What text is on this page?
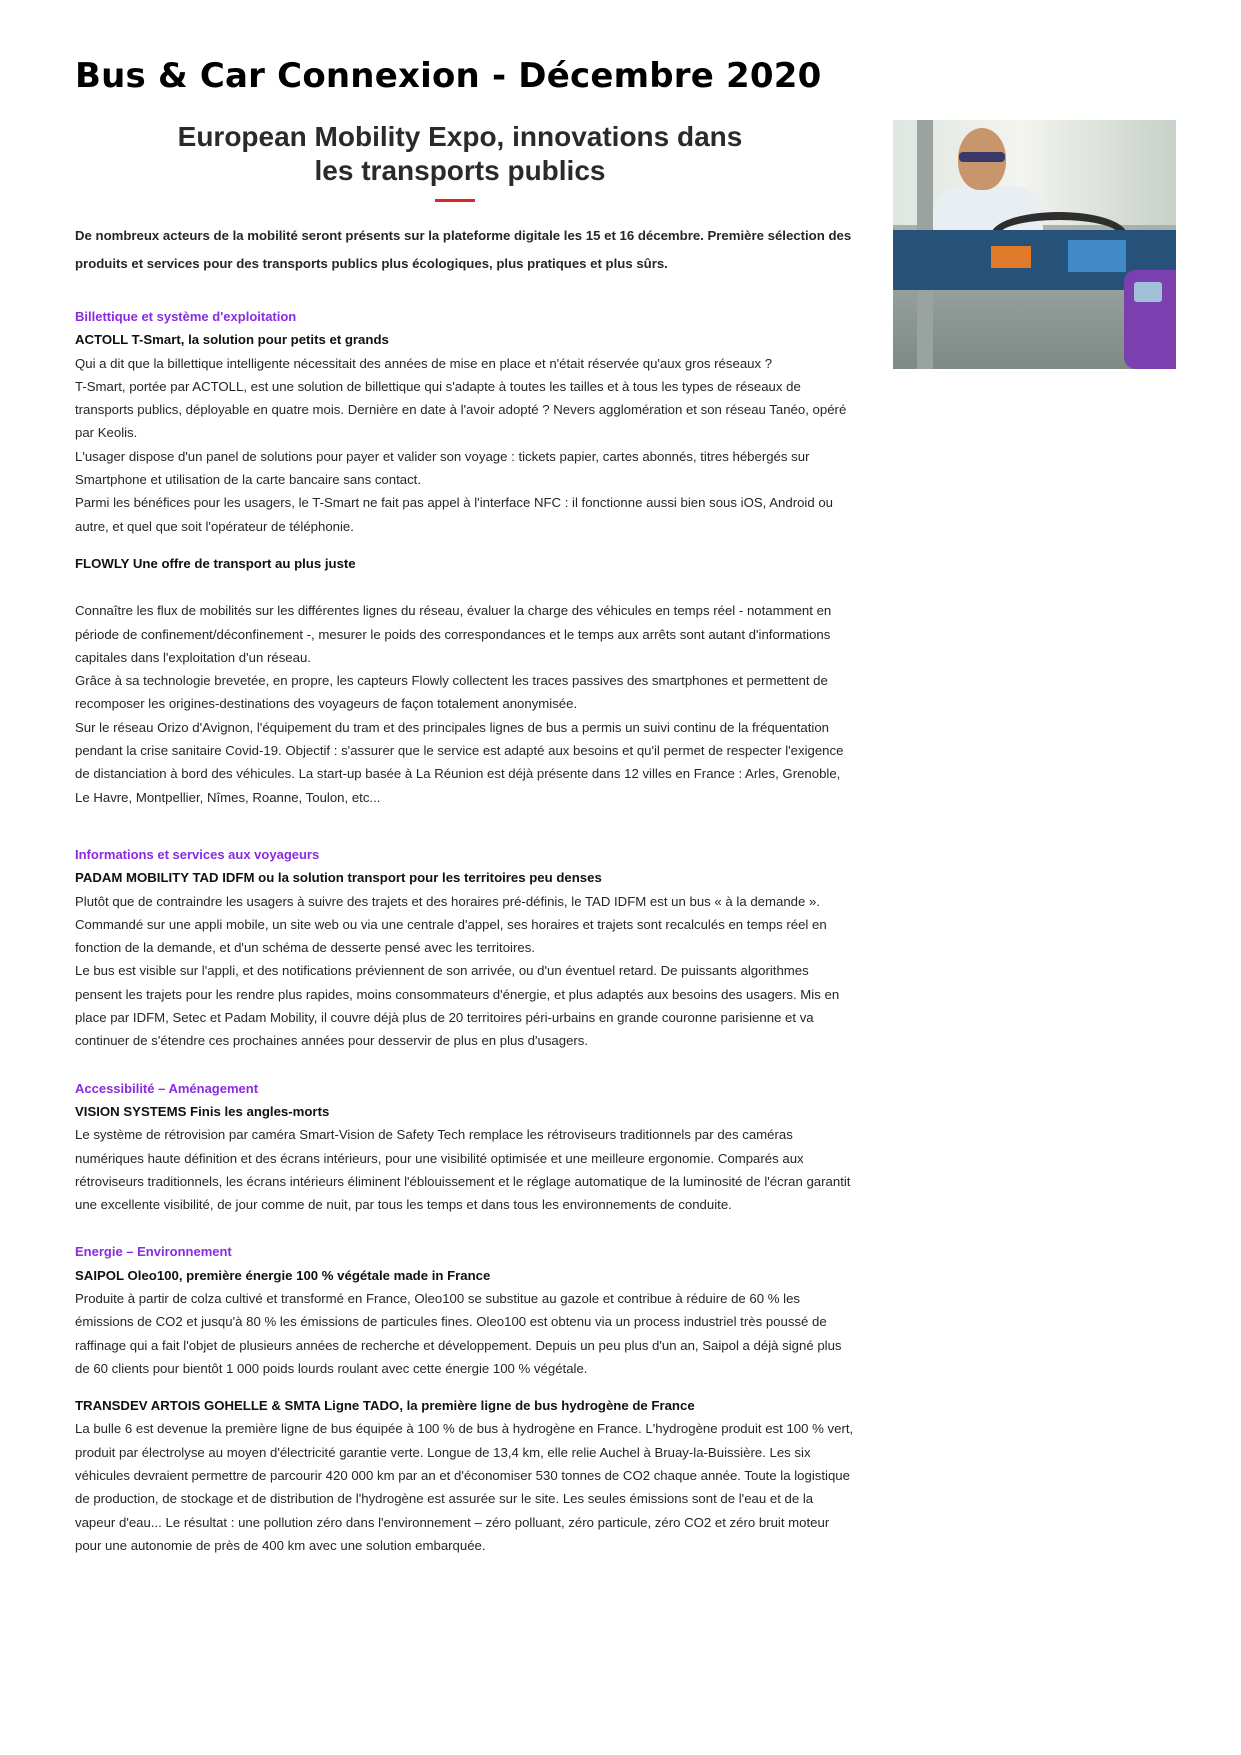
Bus & Car Connexion - Décembre 2020
European Mobility Expo, innovations dans
les transports publics

De nombreux acteurs de la mobilité seront présents sur la plateforme digitale les 15 et 16 décembre. Première sélection des produits et services pour des transports publics plus écologiques, plus pratiques et plus sûrs.

Billettique et système d'exploitation

ACTOLL T-Smart, la solution pour petits et grands

Qui a dit que la billettique intelligente nécessitait des années de mise en place et n'était réservée qu'aux gros réseaux ?

T-Smart, portée par ACTOLL, est une solution de billettique qui s'adapte à toutes les tailles et à tous les types de réseaux de transports publics, déployable en quatre mois. Dernière en date à l'avoir adopté ? Nevers agglomération et son réseau Tanéo, opéré par Keolis.

L'usager dispose d'un panel de solutions pour payer et valider son voyage : tickets papier, cartes abonnés, titres hébergés sur Smartphone et utilisation de la carte bancaire sans contact.

Parmi les bénéfices pour les usagers, le T-Smart ne fait pas appel à l'interface NFC : il fonctionne aussi bien sous iOS, Android ou autre, et quel que soit l'opérateur de téléphonie.

FLOWLY Une offre de transport au plus juste

Connaître les flux de mobilités sur les différentes lignes du réseau, évaluer la charge des véhicules en temps réel - notamment en période de confinement/déconfinement -, mesurer le poids des correspondances et le temps aux arrêts sont autant d'informations capitales dans l'exploitation d'un réseau.

Grâce à sa technologie brevetée, en propre, les capteurs Flowly collectent les traces passives des smartphones et permettent de recomposer les origines-destinations des voyageurs de façon totalement anonymisée.

Sur le réseau Orizo d'Avignon, l'équipement du tram et des principales lignes de bus a permis un suivi continu de la fréquentation pendant la crise sanitaire Covid-19. Objectif : s'assurer que le service est adapté aux besoins et qu'il permet de respecter l'exigence de distanciation à bord des véhicules. La start-up basée à La Réunion est déjà présente dans 12 villes en France : Arles, Grenoble, Le Havre, Montpellier, Nîmes, Roanne, Toulon, etc...

Informations et services aux voyageurs

PADAM MOBILITY TAD IDFM ou la solution transport pour les territoires peu denses

Plutôt que de contraindre les usagers à suivre des trajets et des horaires pré-définis, le TAD IDFM est un bus « à la demande ». Commandé sur une appli mobile, un site web ou via une centrale d'appel, ses horaires et trajets sont recalculés en temps réel en fonction de la demande, et d'un schéma de desserte pensé avec les territoires.

Le bus est visible sur l'appli, et des notifications préviennent de son arrivée, ou d'un éventuel retard. De puissants algorithmes pensent les trajets pour les rendre plus rapides, moins consommateurs d'énergie, et plus adaptés aux besoins des usagers. Mis en place par IDFM, Setec et Padam Mobility, il couvre déjà plus de 20 territoires péri-urbains en grande couronne parisienne et va continuer de s'étendre ces prochaines années pour desservir de plus en plus d'usagers.

Accessibilité – Aménagement

VISION SYSTEMS Finis les angles-morts

Le système de rétrovision par caméra Smart-Vision de Safety Tech remplace les rétroviseurs traditionnels par des caméras numériques haute définition et des écrans intérieurs, pour une visibilité optimisée et une meilleure ergonomie. Comparés aux rétroviseurs traditionnels, les écrans intérieurs éliminent l'éblouissement et le réglage automatique de la luminosité de l'écran garantit une excellente visibilité, de jour comme de nuit, par tous les temps et dans tous les environnements de conduite.

Energie – Environnement

SAIPOL Oleo100, première énergie 100 % végétale made in France

Produite à partir de colza cultivé et transformé en France, Oleo100 se substitue au gazole et contribue à réduire de 60 % les émissions de CO2 et jusqu'à 80 % les émissions de particules fines. Oleo100 est obtenu via un process industriel très poussé de raffinage qui a fait l'objet de plusieurs années de recherche et développement. Depuis un peu plus d'un an, Saipol a déjà signé plus de 60 clients pour bientôt 1 000 poids lourds roulant avec cette énergie 100 % végétale.

TRANSDEV ARTOIS GOHELLE & SMTA Ligne TADO, la première ligne de bus hydrogène de France

La bulle 6 est devenue la première ligne de bus équipée à 100 % de bus à hydrogène en France. L'hydrogène produit est 100 % vert, produit par électrolyse au moyen d'électricité garantie verte. Longue de 13,4 km, elle relie Auchel à Bruay-la-Buissière. Les six véhicules devraient permettre de parcourir 420 000 km par an et d'économiser 530 tonnes de CO2 chaque année. Toute la logistique de production, de stockage et de distribution de l'hydrogène est assurée sur le site. Les seules émissions sont de l'eau et de la vapeur d'eau... Le résultat : une pollution zéro dans l'environnement – zéro polluant, zéro particule, zéro CO2 et zéro bruit moteur pour une autonomie de près de 400 km avec une solution embarquée.
